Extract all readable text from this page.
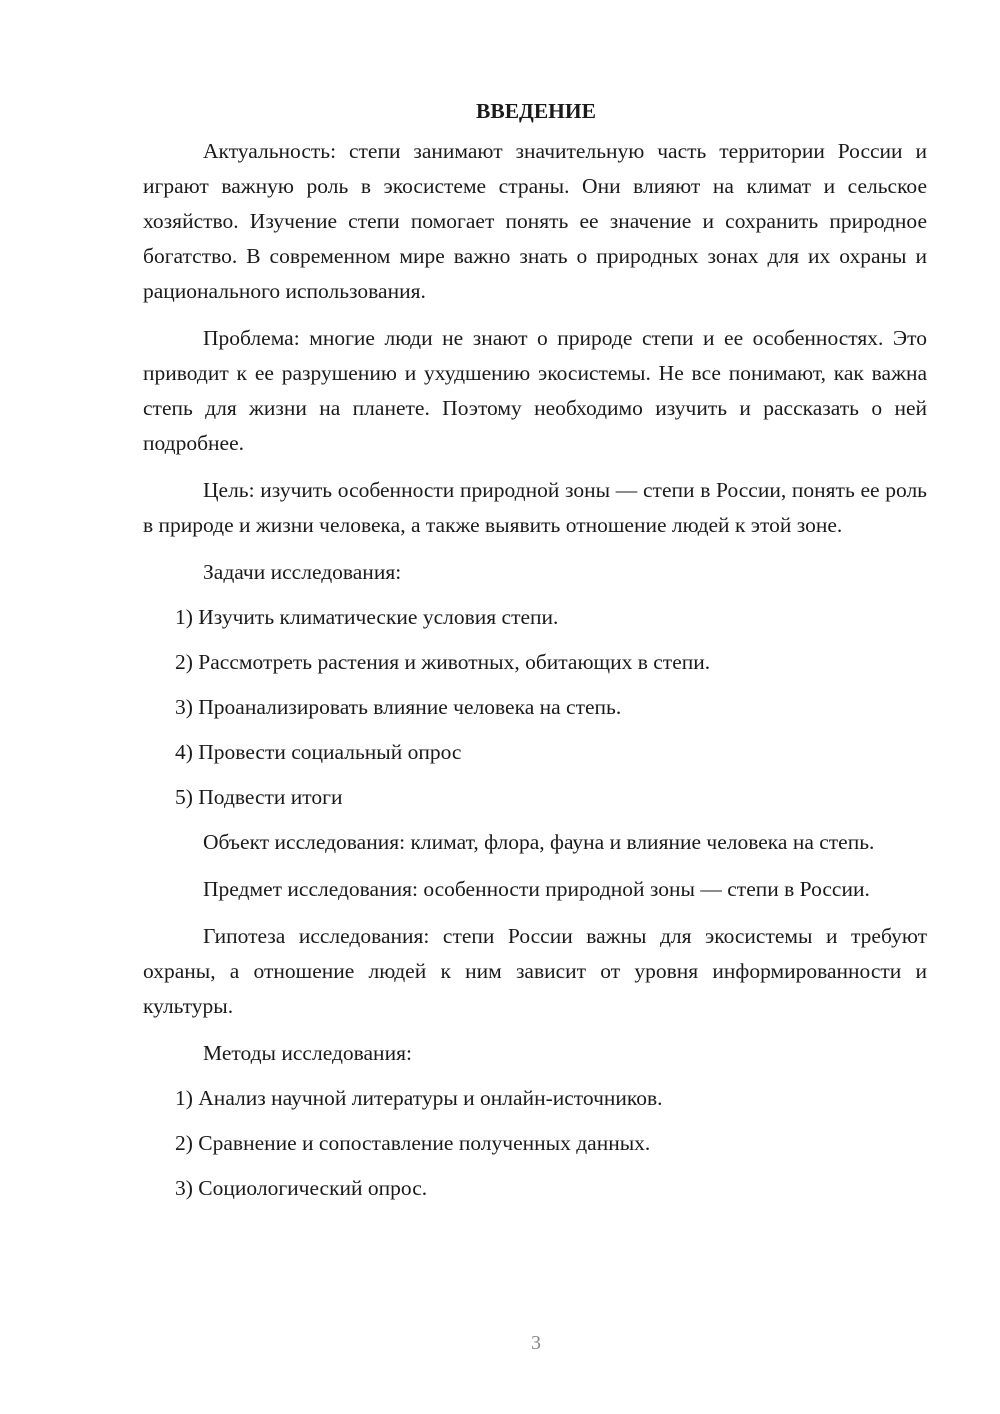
ВВЕДЕНИЕ

Актуальность: степи занимают значительную часть территории России и играют важную роль в экосистеме страны. Они влияют на климат и сельское хозяйство. Изучение степи помогает понять ее значение и сохранить природное богатство. В современном мире важно знать о природных зонах для их охраны и рационального использования.

Проблема: многие люди не знают о природе степи и ее особенностях. Это приводит к ее разрушению и ухудшению экосистемы. Не все понимают, как важна степь для жизни на планете. Поэтому необходимо изучить и рассказать о ней подробнее.

Цель: изучить особенности природной зоны — степи в России, понять ее роль в природе и жизни человека, а также выявить отношение людей к этой зоне.

Задачи исследования:

1) Изучить климатические условия степи.
2) Рассмотреть растения и животных, обитающих в степи.
3) Проанализировать влияние человека на степь.
4) Провести социальный опрос
5) Подвести итоги

Объект исследования: климат, флора, фауна и влияние человека на степь.

Предмет исследования: особенности природной зоны — степи в России.

Гипотеза исследования: степи России важны для экосистемы и требуют охраны, а отношение людей к ним зависит от уровня информированности и культуры.

Методы исследования:

1) Анализ научной литературы и онлайн-источников.
2) Сравнение и сопоставление полученных данных.
3) Социологический опрос.
3
